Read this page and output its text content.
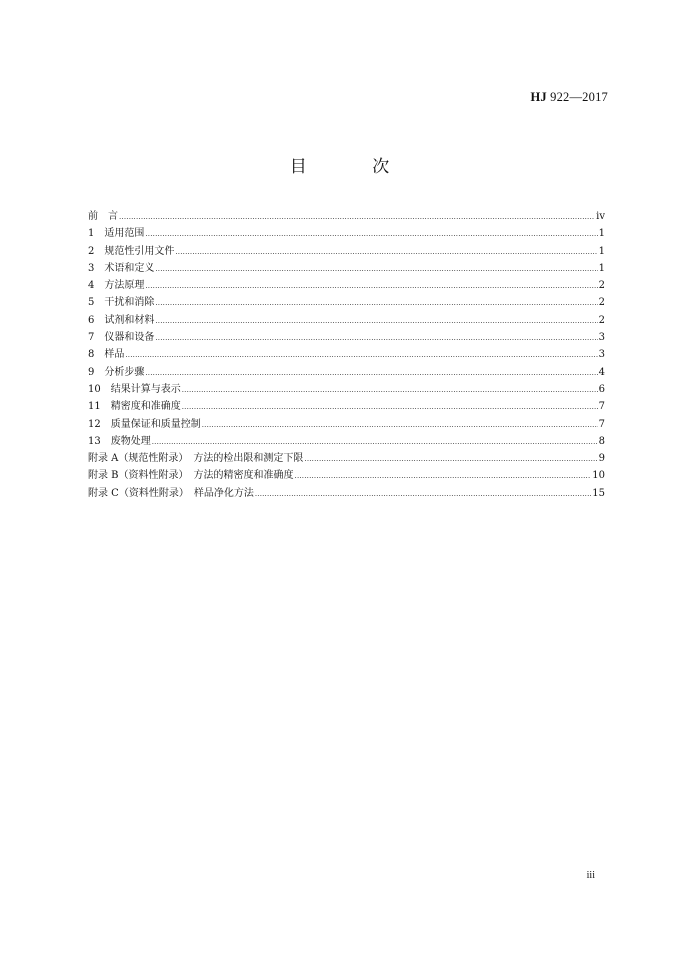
HJ 922—2017
目 次
前　言 .....	iv
1　适用范围 .....	1
2　规范性引用文件 .....	1
3　术语和定义 .....	1
4　方法原理 .....	2
5　干扰和消除 .....	2
6　试剂和材料 .....	2
7　仪器和设备 .....	3
8　样品 .....	3
9　分析步骤 .....	4
10　结果计算与表示 .....	6
11　精密度和准确度 .....	7
12　质量保证和质量控制 .....	7
13　废物处理 .....	8
附录 A（规范性附录）　方法的检出限和测定下限 .....	9
附录 B（资料性附录）　方法的精密度和准确度 .....	10
附录 C（资料性附录）　样品净化方法 .....	15
iii
